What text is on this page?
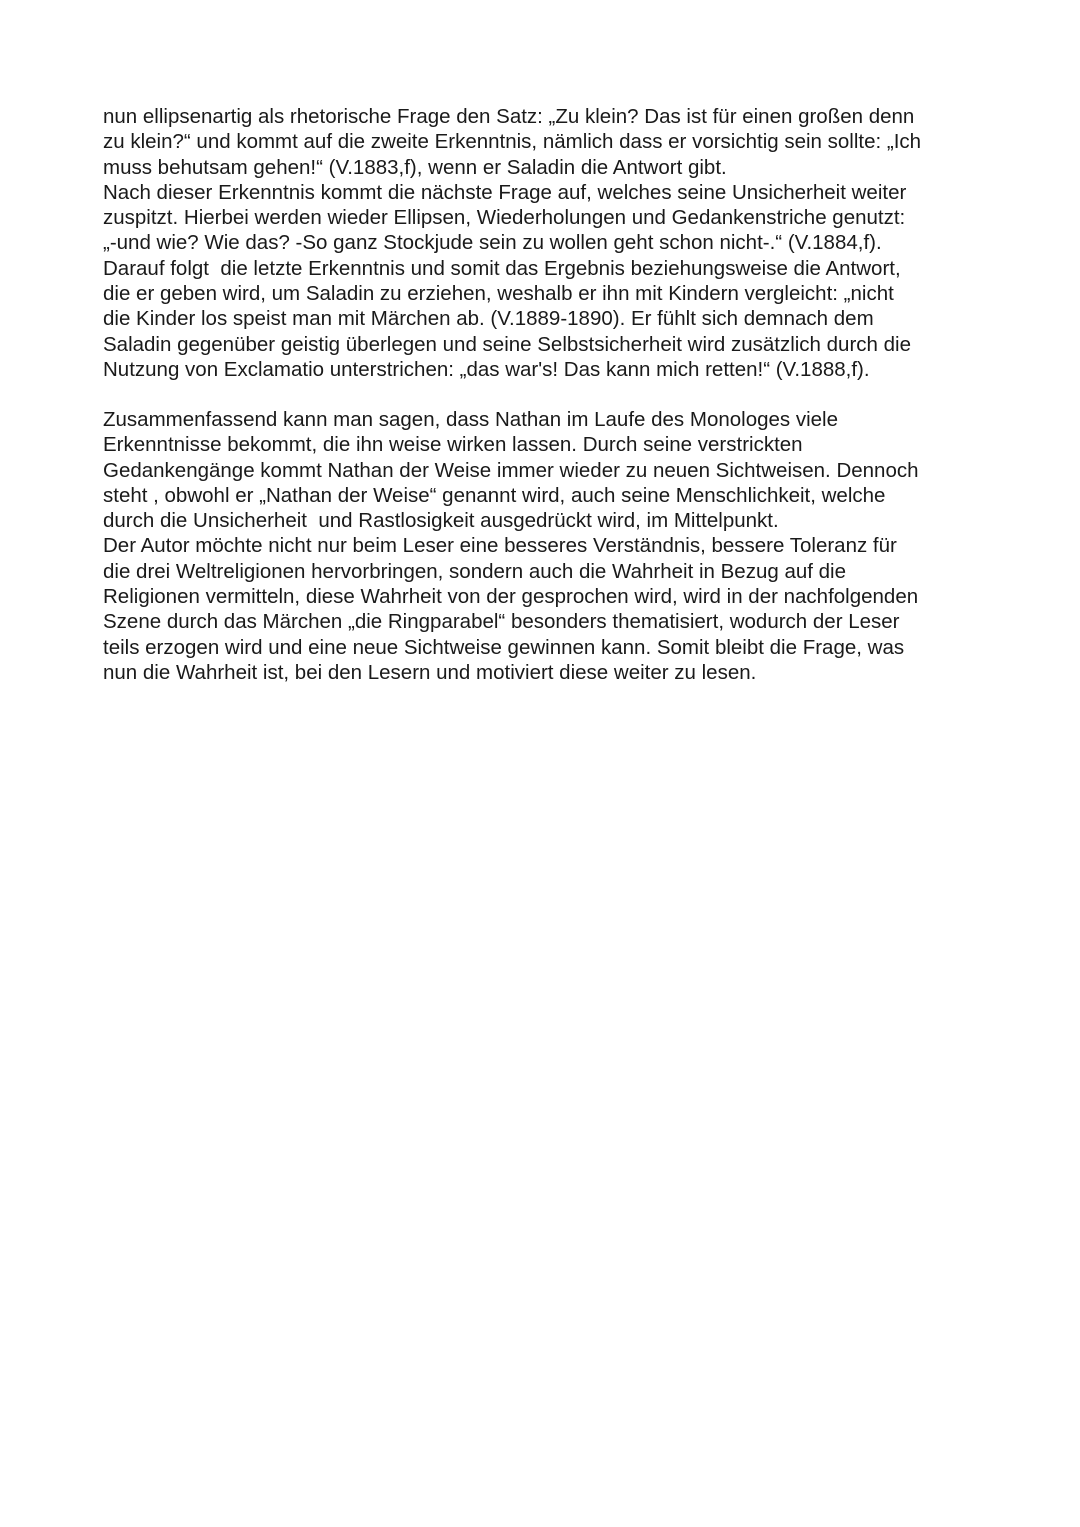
nun ellipsenartig als rhetorische Frage den Satz: „Zu klein? Das ist für einen großen denn
zu klein?“ und kommt auf die zweite Erkenntnis, nämlich dass er vorsichtig sein sollte: „Ich
muss behutsam gehen!“ (V.1883,f), wenn er Saladin die Antwort gibt.
Nach dieser Erkenntnis kommt die nächste Frage auf, welches seine Unsicherheit weiter
zuspitzt. Hierbei werden wieder Ellipsen, Wiederholungen und Gedankenstriche genutzt:
„-und wie? Wie das? -So ganz Stockjude sein zu wollen geht schon nicht-.“ (V.1884,f).
Darauf folgt  die letzte Erkenntnis und somit das Ergebnis beziehungsweise die Antwort,
die er geben wird, um Saladin zu erziehen, weshalb er ihn mit Kindern vergleicht: „nicht
die Kinder los speist man mit Märchen ab. (V.1889-1890). Er fühlt sich demnach dem
Saladin gegenüber geistig überlegen und seine Selbstsicherheit wird zusätzlich durch die
Nutzung von Exclamatio unterstrichen: „das war's! Das kann mich retten!“ (V.1888,f).
Zusammenfassend kann man sagen, dass Nathan im Laufe des Monologes viele
Erkenntnisse bekommt, die ihn weise wirken lassen. Durch seine verstrickten
Gedankengänge kommt Nathan der Weise immer wieder zu neuen Sichtweisen. Dennoch
steht , obwohl er „Nathan der Weise“ genannt wird, auch seine Menschlichkeit, welche
durch die Unsicherheit  und Rastlosigkeit ausgedrückt wird, im Mittelpunkt.
Der Autor möchte nicht nur beim Leser eine besseres Verständnis, bessere Toleranz für
die drei Weltreligionen hervorbringen, sondern auch die Wahrheit in Bezug auf die
Religionen vermitteln, diese Wahrheit von der gesprochen wird, wird in der nachfolgenden
Szene durch das Märchen „die Ringparabel“ besonders thematisiert, wodurch der Leser
teils erzogen wird und eine neue Sichtweise gewinnen kann. Somit bleibt die Frage, was
nun die Wahrheit ist, bei den Lesern und motiviert diese weiter zu lesen.
